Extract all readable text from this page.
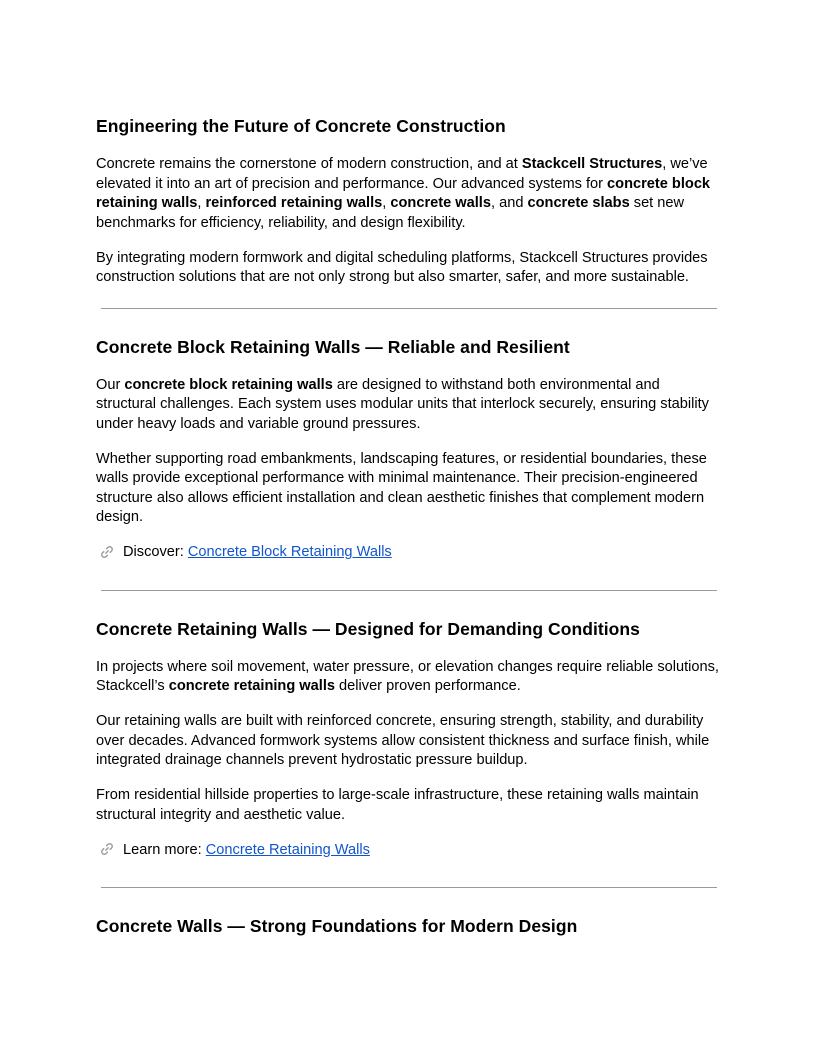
Engineering the Future of Concrete Construction

Concrete remains the cornerstone of modern construction, and at Stackcell Structures, we’ve elevated it into an art of precision and performance. Our advanced systems for concrete block retaining walls, reinforced retaining walls, concrete walls, and concrete slabs set new benchmarks for efficiency, reliability, and design flexibility.

By integrating modern formwork and digital scheduling platforms, Stackcell Structures provides construction solutions that are not only strong but also smarter, safer, and more sustainable.

Concrete Block Retaining Walls — Reliable and Resilient

Our concrete block retaining walls are designed to withstand both environmental and structural challenges. Each system uses modular units that interlock securely, ensuring stability under heavy loads and variable ground pressures.

Whether supporting road embankments, landscaping features, or residential boundaries, these walls provide exceptional performance with minimal maintenance. Their precision-engineered structure also allows efficient installation and clean aesthetic finishes that complement modern design.

Discover: Concrete Block Retaining Walls
Concrete Retaining Walls — Designed for Demanding Conditions

In projects where soil movement, water pressure, or elevation changes require reliable solutions, Stackcell’s concrete retaining walls deliver proven performance.

Our retaining walls are built with reinforced concrete, ensuring strength, stability, and durability over decades. Advanced formwork systems allow consistent thickness and surface finish, while integrated drainage channels prevent hydrostatic pressure buildup.

From residential hillside properties to large-scale infrastructure, these retaining walls maintain structural integrity and aesthetic value.

Learn more: Concrete Retaining Walls
Concrete Walls — Strong Foundations for Modern Design
